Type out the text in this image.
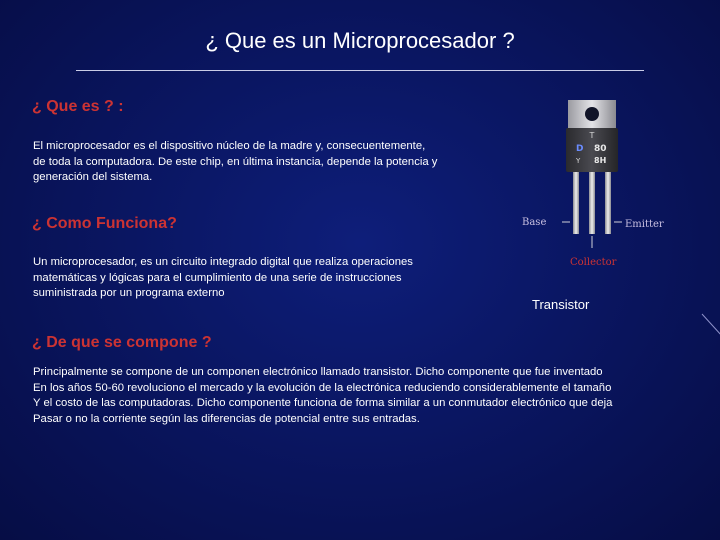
¿ Que es un Microprocesador ?
¿ Que es ? :
El microprocesador es el dispositivo núcleo de la madre y, consecuentemente,
de toda la computadora. De este chip, en última instancia, depende la potencia y
generación del sistema.
¿ Como Funciona?
Un microprocesador, es un circuito integrado digital que realiza operaciones
matemáticas y lógicas para el cumplimiento de una serie de instrucciones
suministrada por un programa externo
¿ De que se compone ?
Principalmente se compone de un componen electrónico llamado transistor. Dicho componente que fue inventado
En los años 50-60 revoluciono el mercado y la evolución de la electrónica reduciendo considerablemente el tamaño
Y el costo de las computadoras. Dicho componente funciona de forma similar a un conmutador electrónico que deja
Pasar o no la corriente según las diferencias de potencial entre sus entradas.
T
D 80
Y 8H
Base	Emitter
Collector
Transistor
